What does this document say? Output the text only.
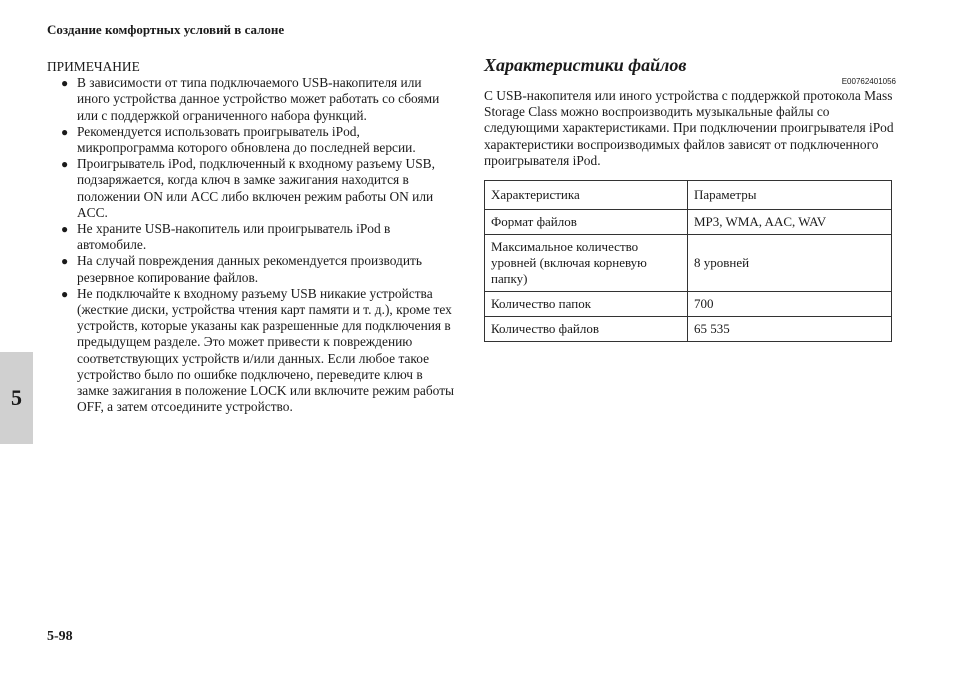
Создание комфортных условий в салоне
5
ПРИМЕЧАНИЕ
● В зависимости от типа подключаемого USB-накопителя или иного устройства данное устройство может работать со сбоями или с поддержкой ограниченного набора функций.
● Рекомендуется использовать проигрыватель iPod, микропрограмма которого обновлена до последней версии.
● Проигрыватель iPod, подключенный к входному разъему USB, подзаряжается, когда ключ в замке зажигания находится в положении ON или ACC либо включен режим работы ON или ACC.
● Не храните USB-накопитель или проигрыватель iPod в автомобиле.
● На случай повреждения данных рекомендуется производить резервное копирование файлов.
● Не подключайте к входному разъему USB никакие устройства (жесткие диски, устройства чтения карт памяти и т. д.), кроме тех устройств, которые указаны как разрешенные для подключения в предыдущем разделе. Это может привести к повреждению соответствующих устройств и/или данных. Если любое такое устройство было по ошибке подключено, переведите ключ в замке зажигания в положение LOCK или включите режим работы OFF, а затем отсоедините устройство.
Характеристики файлов
E00762401056
С USB-накопителя или иного устройства с поддержкой протокола Mass Storage Class можно воспроизводить музыкальные файлы со следующими характеристиками. При подключении проигрывателя iPod характеристики воспроизводимых файлов зависят от подключенного проигрывателя iPod.
Характеристика	Параметры
Формат файлов	MP3, WMA, AAC, WAV
Максимальное количество уровней (включая корневую папку)	8 уровней
Количество папок	700
Количество файлов	65 535
5-98
